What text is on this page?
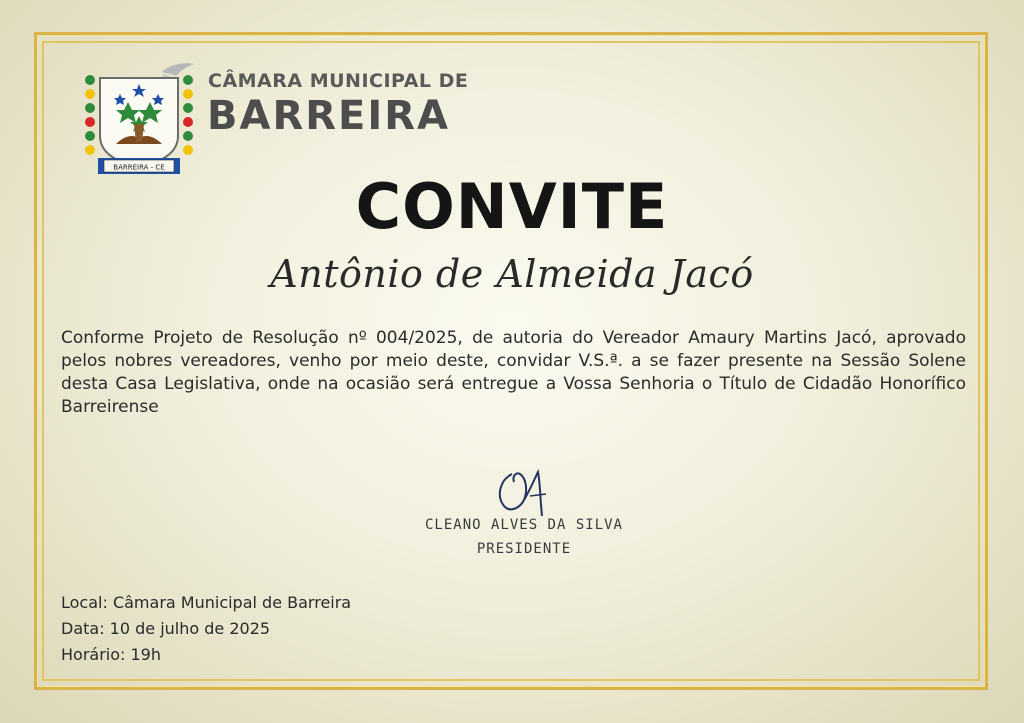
BARREIRA - CE
CÂMARA MUNICIPAL DE
BARREIRA
CONVITE
Antônio de Almeida Jacó
Conforme Projeto de Resolução nº 004/2025, de autoria do Vereador Amaury Martins Jacó, aprovado pelos nobres vereadores, venho por meio deste, convidar V.S.ª. a se fazer presente na Sessão Solene desta Casa Legislativa, onde na ocasião será entregue a Vossa Senhoria o Título de Cidadão Honorífico Barreirense
CLEANO ALVES DA SILVA
PRESIDENTE
Local: Câmara Municipal de Barreira
Data: 10 de julho de 2025
Horário: 19h
